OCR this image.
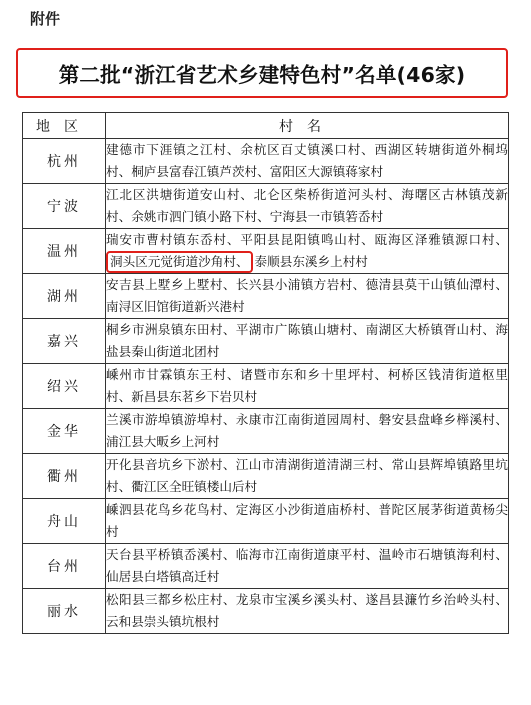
附件
第二批“浙江省艺术乡建特色村”名单(46家)
地区	村名
杭州	建德市下涯镇之江村、余杭区百丈镇溪口村、西湖区转塘街道外桐坞村、桐庐县富春江镇芦茨村、富阳区大源镇蒋家村
宁波	江北区洪塘街道安山村、北仑区柴桥街道河头村、海曙区古林镇茂新村、余姚市泗门镇小路下村、宁海县一市镇箬岙村
温州	瑞安市曹村镇东岙村、平阳县昆阳镇鸣山村、瓯海区泽雅镇源口村、洞头区元觉街道沙角村、 泰顺县东溪乡上村村
湖州	安吉县上墅乡上墅村、长兴县小浦镇方岩村、德清县莫干山镇仙潭村、南浔区旧馆街道新兴港村
嘉兴	桐乡市洲泉镇东田村、平湖市广陈镇山塘村、南湖区大桥镇胥山村、海盐县秦山街道北团村
绍兴	嵊州市甘霖镇东王村、诸暨市东和乡十里坪村、柯桥区钱清街道枢里村、新昌县东茗乡下岩贝村
金华	兰溪市游埠镇游埠村、永康市江南街道园周村、磐安县盘峰乡榉溪村、浦江县大畈乡上河村
衢州	开化县音坑乡下淤村、江山市清湖街道清湖三村、常山县辉埠镇路里坑村、衢江区全旺镇楼山后村
舟山	嵊泗县花鸟乡花鸟村、定海区小沙街道庙桥村、普陀区展茅街道黄杨尖村
台州	天台县平桥镇岙溪村、临海市江南街道康平村、温岭市石塘镇海利村、仙居县白塔镇高迁村
丽水	松阳县三都乡松庄村、龙泉市宝溪乡溪头村、遂昌县濂竹乡治岭头村、云和县崇头镇坑根村
